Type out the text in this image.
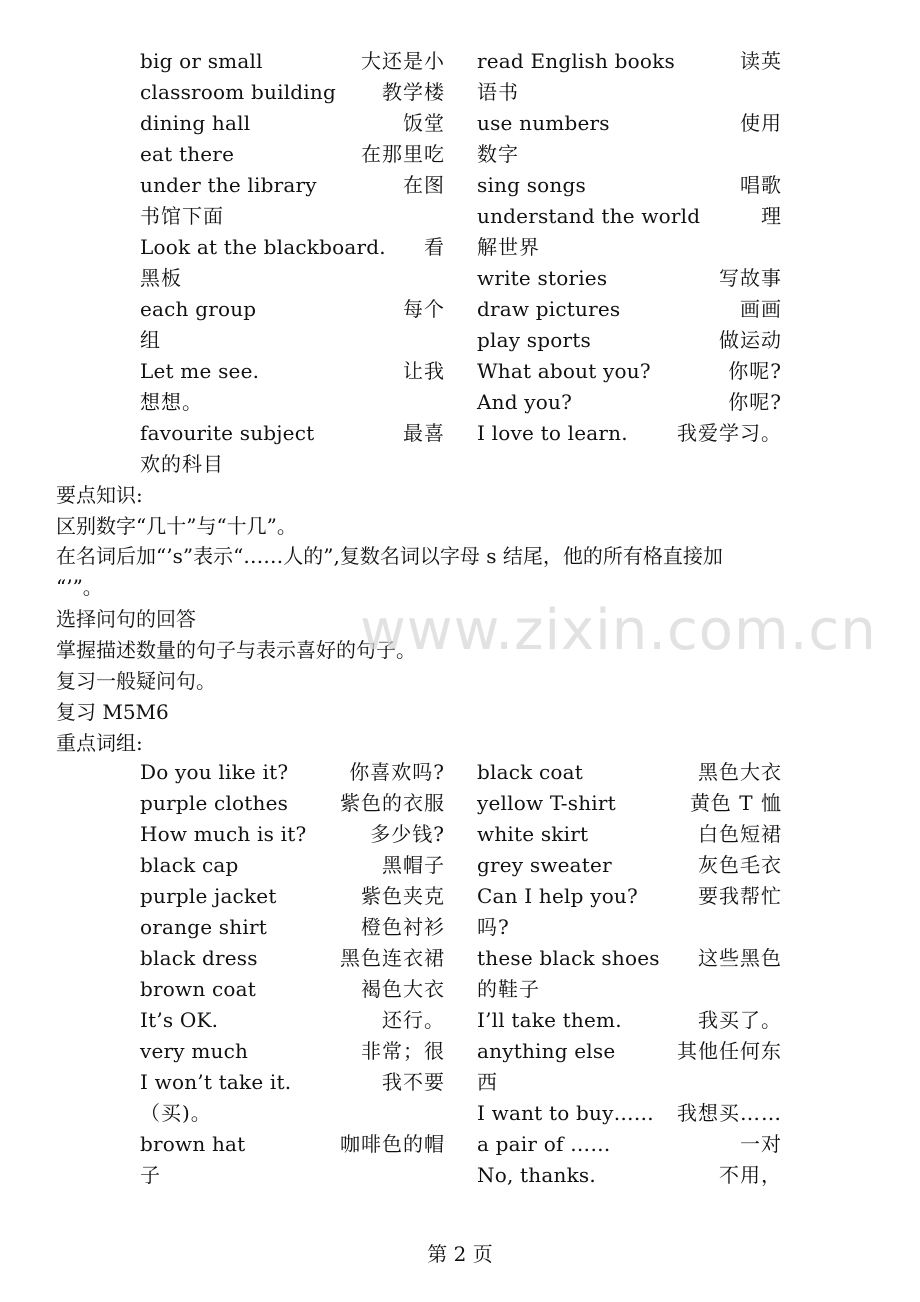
big or small	大还是小
classroom building 教学楼
dining hall	饭堂
eat there	在那里吃
under the library	在图
书馆下面
Look at the blackboard. 看
黑板
each group	每个
组
Let me see.	让我
想想。
favourite subject	最喜
欢的科目
read English books	读英
语书
use numbers	使用
数字
sing songs	唱歌
understand the world	理
解世界
write stories	写故事
draw pictures	画画
play sports	做运动
What about you?	你呢?
And you?	你呢?
I love to learn. 我爱学习。
要点知识:
区别数字“几十”与“十几”。
在名词后加“’s”表示“……人的”,复数名词以字母 s 结尾，他的所有格直接加
“’”。
选择问句的回答
掌握描述数量的句子与表示喜好的句子。
复习一般疑问句。
复习 M5M6
重点词组:
Do you like it?	你喜欢吗?
purple clothes	紫色的衣服
How much is it?	多少钱?
black cap	黑帽子
purple jacket	紫色夹克
orange shirt	橙色衬衫
black dress	黑色连衣裙
brown coat	褐色大衣
It’s OK.	还行。
very much	非常；很
I won’t take it.	我不要
（买)。
brown hat	咖啡色的帽
子
black coat	黑色大衣
yellow T-shirt	黄色 T 恤
white skirt	白色短裙
grey sweater	灰色毛衣
Can I help you?	要我帮忙
吗?
these black shoes 这些黑色
的鞋子
I’ll take them.	我买了。
anything else	其他任何东
西
I want to buy…… 我想买……
a pair of ……	一对
No, thanks.	不用，
www.zixin.com.cn
第 2 页
